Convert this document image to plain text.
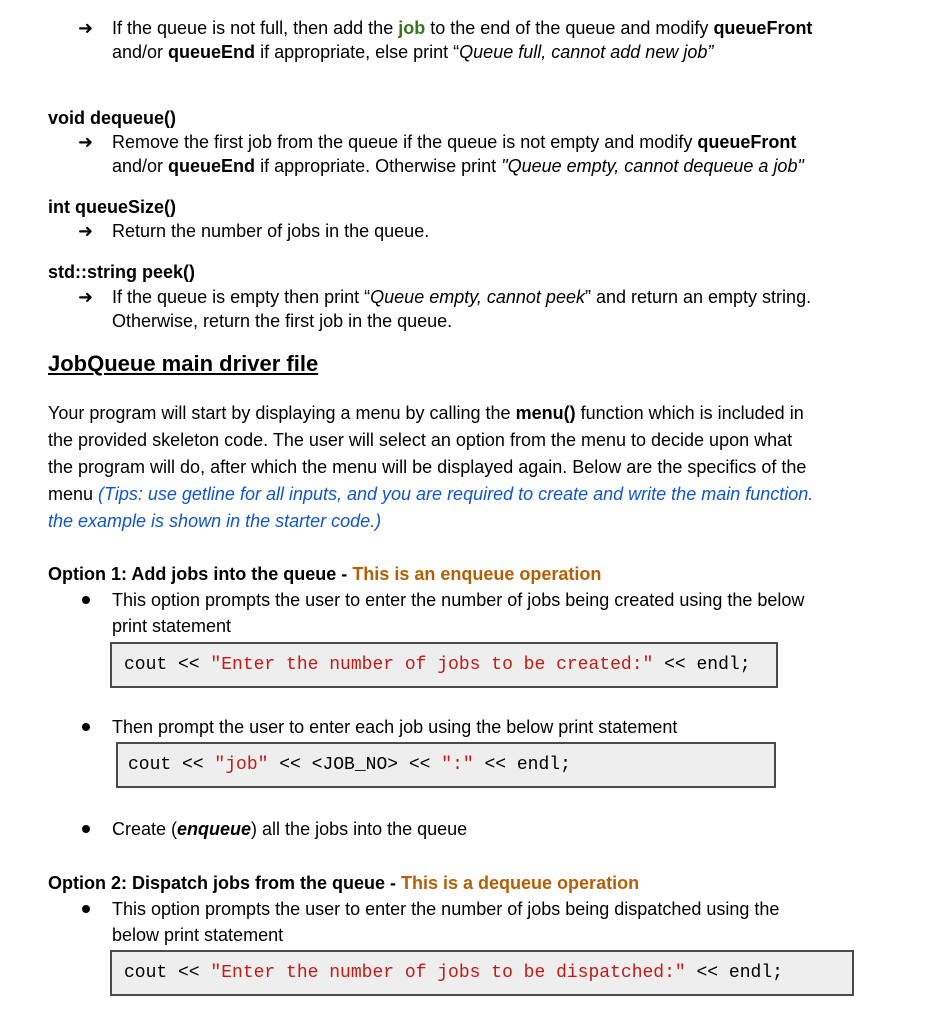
➜ If the queue is not full, then add the job to the end of the queue and modify queueFront
and/or queueEnd if appropriate, else print “Queue full, cannot add new job”
void dequeue()
➜ Remove the first job from the queue if the queue is not empty and modify queueFront
and/or queueEnd if appropriate. Otherwise print "Queue empty, cannot dequeue a job"
int queueSize()
➜ Return the number of jobs in the queue.
std::string peek()
➜ If the queue is empty then print “Queue empty, cannot peek” and return an empty string.
Otherwise, return the first job in the queue.
JobQueue main driver file
Your program will start by displaying a menu by calling the menu() function which is included in
the provided skeleton code. The user will select an option from the menu to decide upon what
the program will do, after which the menu will be displayed again. Below are the specifics of the
menu (Tips: use getline for all inputs, and you are required to create and write the main function.
the example is shown in the starter code.)
Option 1: Add jobs into the queue - This is an enqueue operation
This option prompts the user to enter the number of jobs being created using the below
print statement
cout << "Enter the number of jobs to be created:" << endl;
Then prompt the user to enter each job using the below print statement
cout << "job" << <JOB_NO> << ":" << endl;
Create (enqueue) all the jobs into the queue
Option 2: Dispatch jobs from the queue - This is a dequeue operation
This option prompts the user to enter the number of jobs being dispatched using the
below print statement
cout << "Enter the number of jobs to be dispatched:" << endl;
